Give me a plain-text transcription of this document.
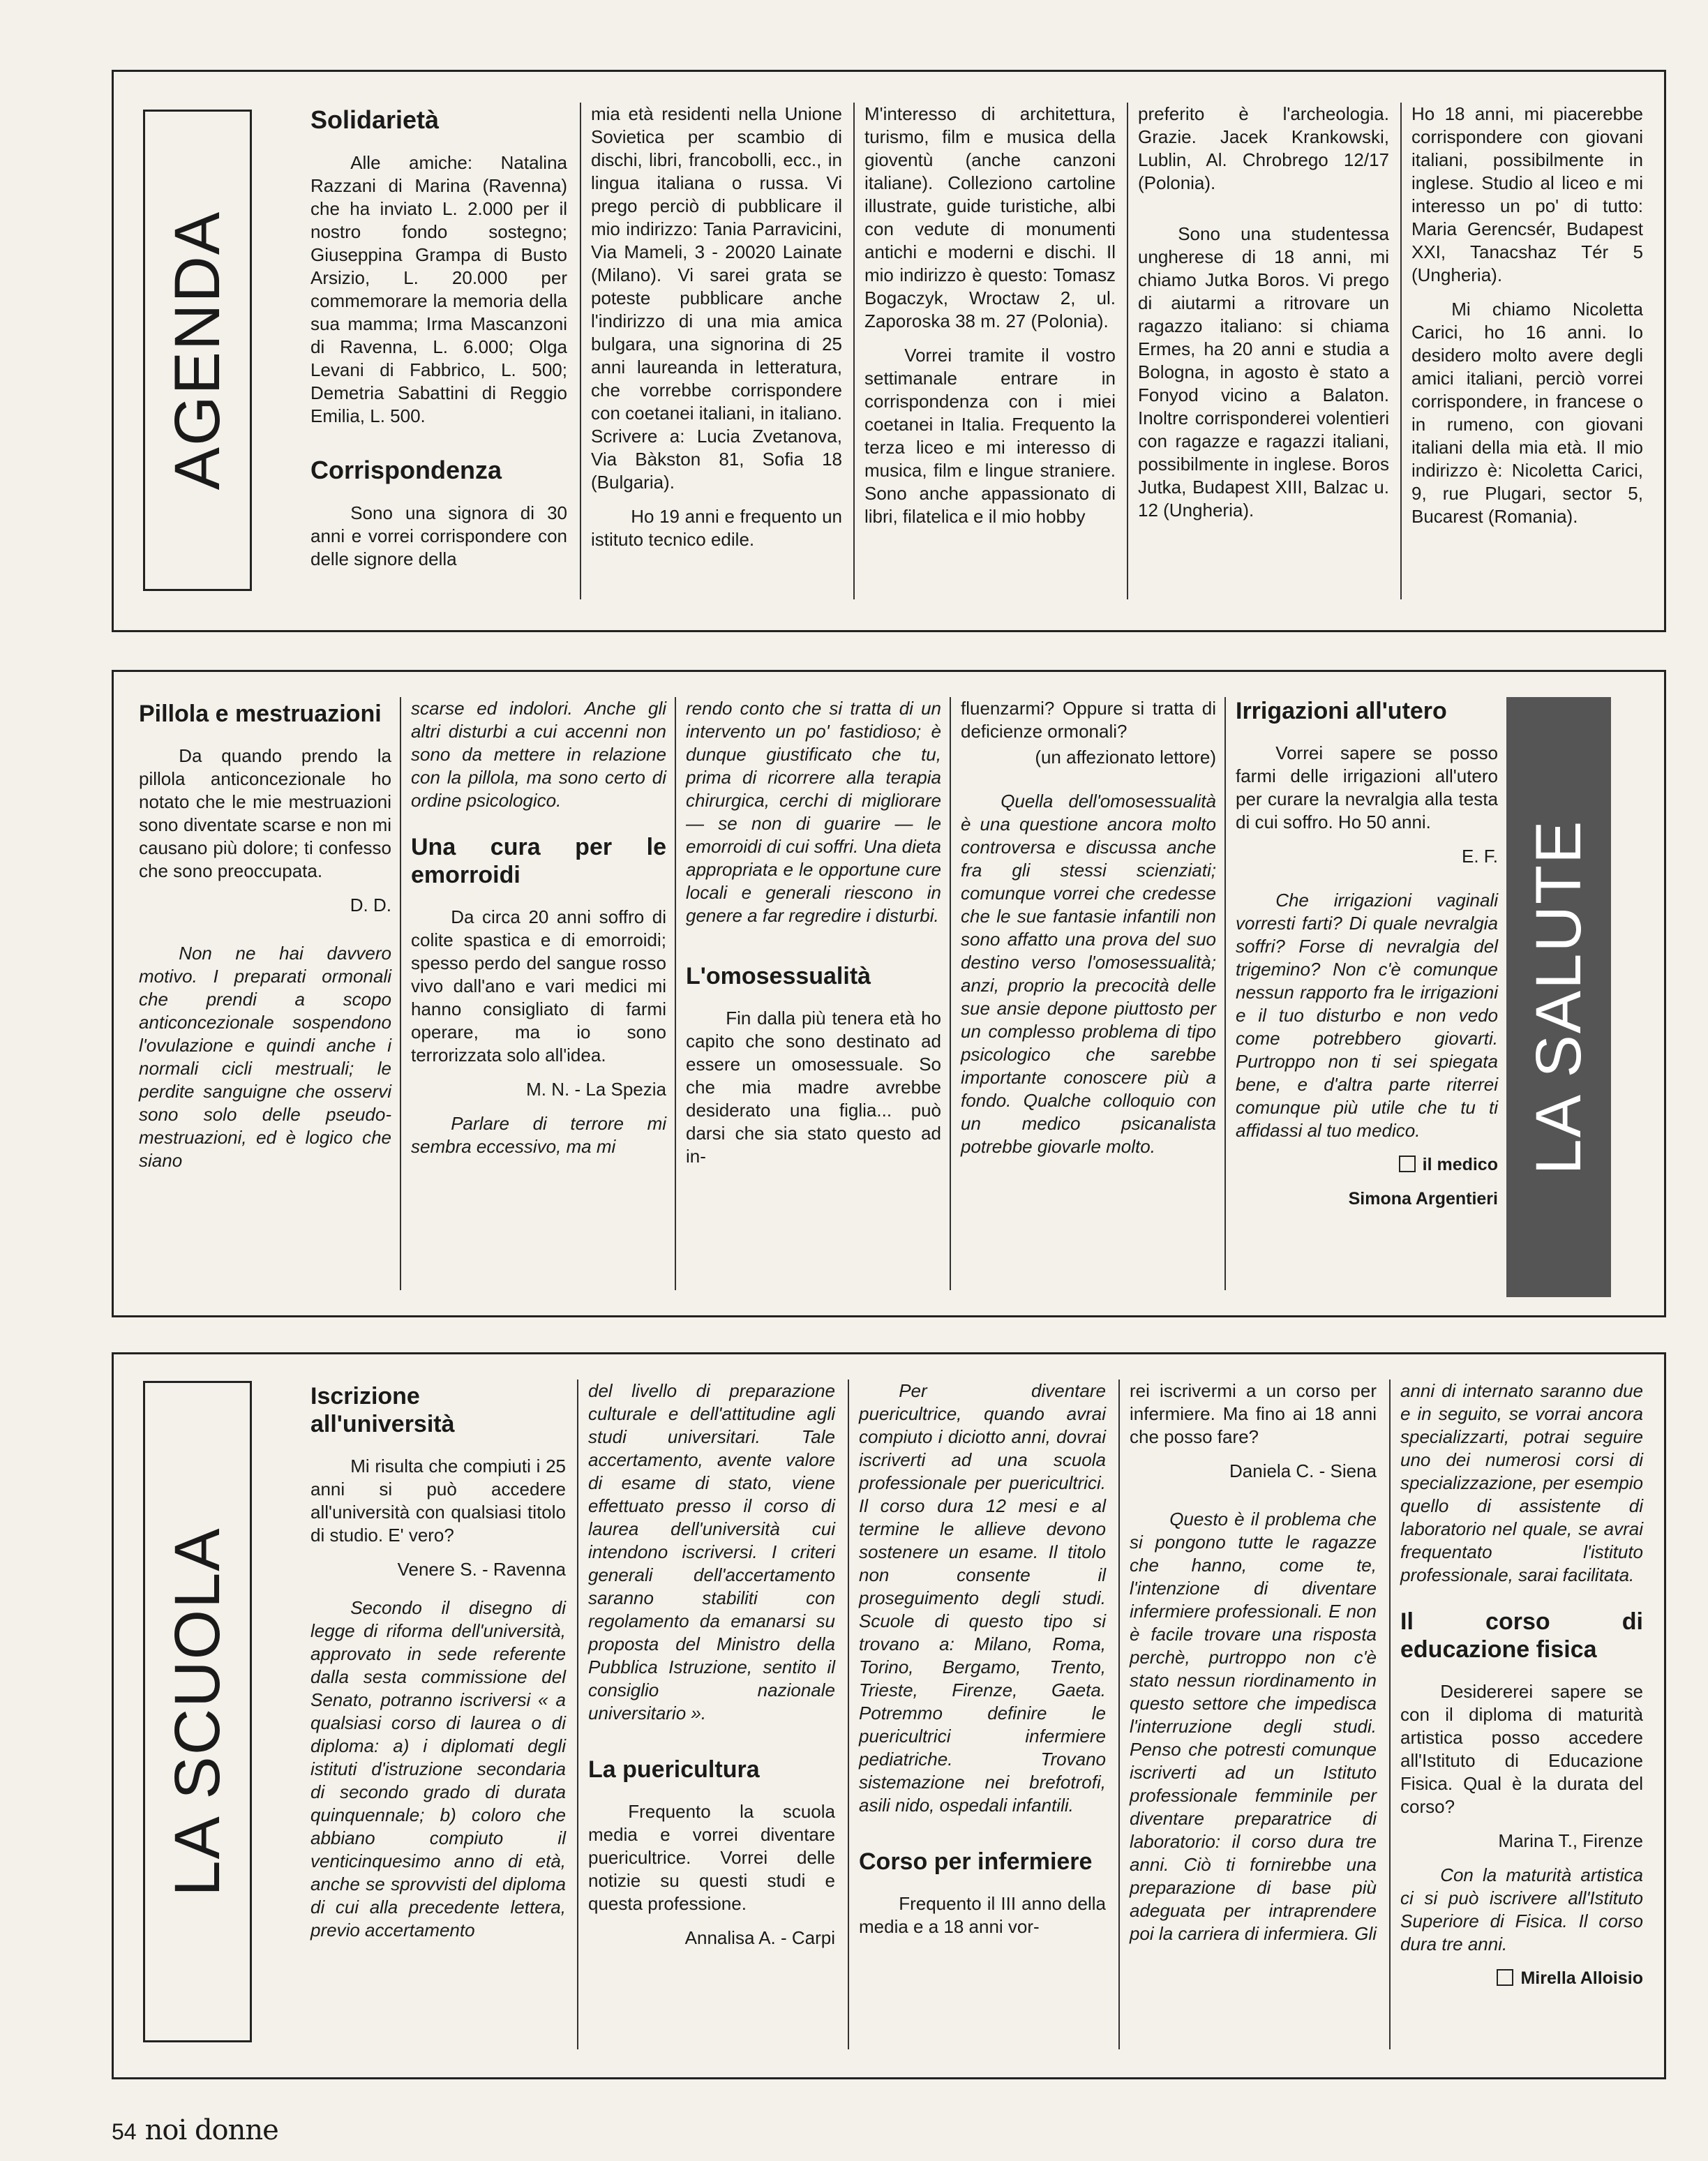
AGENDA
Solidarietà

Alle amiche: Natalina Razzani di Marina (Ravenna) che ha inviato L. 2.000 per il nostro fondo sostegno; Giuseppina Grampa di Busto Arsizio, L. 20.000 per commemorare la memoria della sua mamma; Irma Mascanzoni di Ravenna, L. 6.000; Olga Levani di Fabbrico, L. 500; Demetria Sabattini di Reggio Emilia, L. 500.

Corrispondenza

Sono una signora di 30 anni e vorrei corrispondere con delle signore della

mia età residenti nella Unione Sovietica per scambio di dischi, libri, francobolli, ecc., in lingua italiana o russa. Vi prego perciò di pubblicare il mio indirizzo: Tania Parravicini, Via Mameli, 3 - 20020 Lainate (Milano). Vi sarei grata se poteste pubblicare anche l'indirizzo di una mia amica bulgara, una signorina di 25 anni laureanda in letteratura, che vorrebbe corrispondere con coetanei italiani, in italiano. Scrivere a: Lucia Zvetanova, Via Bàkston 81, Sofia 18 (Bulgaria).

Ho 19 anni e frequento un istituto tecnico edile.

M'interesso di architettura, turismo, film e musica della gioventù (anche canzoni italiane). Colleziono cartoline illustrate, guide turistiche, albi con vedute di monumenti antichi e moderni e dischi. Il mio indirizzo è questo: Tomasz Bogaczyk, Wroctaw 2, ul. Zaporoska 38 m. 27 (Polonia).

Vorrei tramite il vostro settimanale entrare in corrispondenza con i miei coetanei in Italia. Frequento la terza liceo e mi interesso di musica, film e lingue straniere. Sono anche appassionato di libri, filatelica e il mio hobby

preferito è l'archeologia. Grazie. Jacek Krankowski, Lublin, Al. Chrobrego 12/17 (Polonia).

Sono una studentessa ungherese di 18 anni, mi chiamo Jutka Boros. Vi prego di aiutarmi a ritrovare un ragazzo italiano: si chiama Ermes, ha 20 anni e studia a Bologna, in agosto è stato a Fonyod vicino a Balaton. Inoltre corrisponderei volentieri con ragazze e ragazzi italiani, possibilmente in inglese. Boros Jutka, Budapest XIII, Balzac u. 12 (Ungheria).

Ho 18 anni, mi piacerebbe corrispondere con giovani italiani, possibilmente in inglese. Studio al liceo e mi interesso un po' di tutto: Maria Gerencsér, Budapest XXI, Tanacshaz Tér 5 (Ungheria).

Mi chiamo Nicoletta Carici, ho 16 anni. Io desidero molto avere degli amici italiani, perciò vorrei corrispondere, in francese o in rumeno, con giovani italiani della mia età. Il mio indirizzo è: Nicoletta Carici, 9, rue Plugari, sector 5, Bucarest (Romania).

Pillola e mestruazioni

Da quando prendo la pillola anticoncezionale ho notato che le mie mestruazioni sono diventate scarse e non mi causano più dolore; ti confesso che sono preoccupata.

D. D.

Non ne hai davvero motivo. I preparati ormonali che prendi a scopo anticoncezionale sospendono l'ovulazione e quindi anche i normali cicli mestruali; le perdite sanguigne che osservi sono solo delle pseudo-mestruazioni, ed è logico che siano

scarse ed indolori. Anche gli altri disturbi a cui accenni non sono da mettere in relazione con la pillola, ma sono certo di ordine psicologico.

Una cura per le emorroidi

Da circa 20 anni soffro di colite spastica e di emorroidi; spesso perdo del sangue rosso vivo dall'ano e vari medici mi hanno consigliato di farmi operare, ma io sono terrorizzata solo all'idea.

M. N. - La Spezia

Parlare di terrore mi sembra eccessivo, ma mi

rendo conto che si tratta di un intervento un po' fastidioso; è dunque giustificato che tu, prima di ricorrere alla terapia chirurgica, cerchi di migliorare — se non di guarire — le emorroidi di cui soffri. Una dieta appropriata e le opportune cure locali e generali riescono in genere a far regredire i disturbi.

L'omosessualità

Fin dalla più tenera età ho capito che sono destinato ad essere un omosessuale. So che mia madre avrebbe desiderato una figlia... può darsi che sia stato questo ad in-

fluenzarmi? Oppure si tratta di deficienze ormonali?

(un affezionato lettore)

Quella dell'omosessualità è una questione ancora molto controversa e discussa anche fra gli stessi scienziati; comunque vorrei che credesse che le sue fantasie infantili non sono affatto una prova del suo destino verso l'omosessualità; anzi, proprio la precocità delle sue ansie depone piuttosto per un complesso problema di tipo psicologico che sarebbe importante conoscere più a fondo. Qualche colloquio con un medico psicanalista potrebbe giovarle molto.

Irrigazioni all'utero

Vorrei sapere se posso farmi delle irrigazioni all'utero per curare la nevralgia alla testa di cui soffro. Ho 50 anni.

E. F.

Che irrigazioni vaginali vorresti farti? Di quale nevralgia soffri? Forse di nevralgia del trigemino? Non c'è comunque nessun rapporto fra le irrigazioni e il tuo disturbo e non vedo come potrebbero giovarti. Purtroppo non ti sei spiegata bene, e d'altra parte riterrei comunque più utile che tu ti affidassi al tuo medico.

il medico

Simona Argentieri

LA SALUTE
LA SCUOLA
Iscrizione all'università

Mi risulta che compiuti i 25 anni si può accedere all'università con qualsiasi titolo di studio. E' vero?

Venere S. - Ravenna

Secondo il disegno di legge di riforma dell'università, approvato in sede referente dalla sesta commissione del Senato, potranno iscriversi « a qualsiasi corso di laurea o di diploma: a) i diplomati degli istituti d'istruzione secondaria di secondo grado di durata quinquennale; b) coloro che abbiano compiuto il venticinquesimo anno di età, anche se sprovvisti del diploma di cui alla precedente lettera, previo accertamento

del livello di preparazione culturale e dell'attitudine agli studi universitari. Tale accertamento, avente valore di esame di stato, viene effettuato presso il corso di laurea dell'università cui intendono iscriversi. I criteri generali dell'accertamento saranno stabiliti con regolamento da emanarsi su proposta del Ministro della Pubblica Istruzione, sentito il consiglio nazionale universitario ».

La puericultura

Frequento la scuola media e vorrei diventare puericultrice. Vorrei delle notizie su questi studi e questa professione.

Annalisa A. - Carpi

Per diventare puericultrice, quando avrai compiuto i diciotto anni, dovrai iscriverti ad una scuola professionale per puericultrici. Il corso dura 12 mesi e al termine le allieve devono sostenere un esame. Il titolo non consente il proseguimento degli studi. Scuole di questo tipo si trovano a: Milano, Roma, Torino, Bergamo, Trento, Trieste, Firenze, Gaeta. Potremmo definire le puericultrici infermiere pediatriche. Trovano sistemazione nei brefotrofi, asili nido, ospedali infantili.

Corso per infermiere

Frequento il III anno della media e a 18 anni vor-

rei iscrivermi a un corso per infermiere. Ma fino ai 18 anni che posso fare?

Daniela C. - Siena

Questo è il problema che si pongono tutte le ragazze che hanno, come te, l'intenzione di diventare infermiere professionali. E non è facile trovare una risposta perchè, purtroppo non c'è stato nessun riordinamento in questo settore che impedisca l'interruzione degli studi. Penso che potresti comunque iscriverti ad un Istituto professionale femminile per diventare preparatrice di laboratorio: il corso dura tre anni. Ciò ti fornirebbe una preparazione di base più adeguata per intraprendere poi la carriera di infermiera. Gli

anni di internato saranno due e in seguito, se vorrai ancora specializzarti, potrai seguire uno dei numerosi corsi di specializzazione, per esempio quello di assistente di laboratorio nel quale, se avrai frequentato l'istituto professionale, sarai facilitata.

Il corso di educazione fisica

Desidererei sapere se con il diploma di maturità artistica posso accedere all'Istituto di Educazione Fisica. Qual è la durata del corso?

Marina T., Firenze

Con la maturità artistica ci si può iscrivere all'Istituto Superiore di Fisica. Il corso dura tre anni.

Mirella Alloisio

54 noi donne
